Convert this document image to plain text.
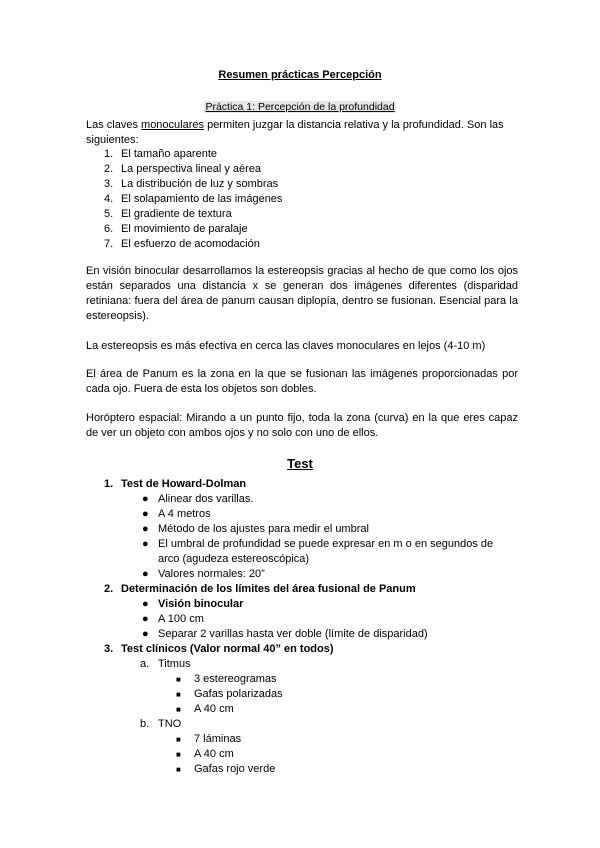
Resumen prácticas Percepción
Práctica 1: Percepción de la profundidad
Las claves monoculares permiten juzgar la distancia relativa y la profundidad. Son las siguientes:
1. El tamaño aparente
2. La perspectiva lineal y aérea
3. La distribución de luz y sombras
4. El solapamiento de las imágenes
5. El gradiente de textura
6. El movimiento de paralaje
7. El esfuerzo de acomodación
En visión binocular desarrollamos la estereopsis gracias al hecho de que como los ojos están separados una distancia x se generan dos imágenes diferentes (disparidad retiniana: fuera del área de panum causan diplopía, dentro se fusionan. Esencial para la estereopsis).
La estereopsis es más efectiva en cerca las claves monoculares en lejos (4-10 m)
El área de Panum es la zona en la que se fusionan las imágenes proporcionadas por cada ojo. Fuera de esta los objetos son dobles.
Horóptero espacial: Mirando a un punto fijo, toda la zona (curva) en la que eres capaz de ver un objeto con ambos ojos y no solo con uno de ellos.
Test
1. Test de Howard-Dolman
● Alinear dos varillas.
● A 4 metros
● Método de los ajustes para medir el umbral
● El umbral de profundidad se puede expresar en m o en segundos de arco (agudeza estereoscópica)
● Valores normales: 20”
2. Determinación de los límites del área fusional de Panum
● Visión binocular
● A 100 cm
● Separar 2 varillas hasta ver doble (límite de disparidad)
3. Test clínicos (Valor normal 40” en todos)
a. Titmus
■	3 estereogramas
■	Gafas polarizadas
■	A 40 cm
b. TNO
■	7 láminas
■	A 40 cm
■	Gafas rojo verde
